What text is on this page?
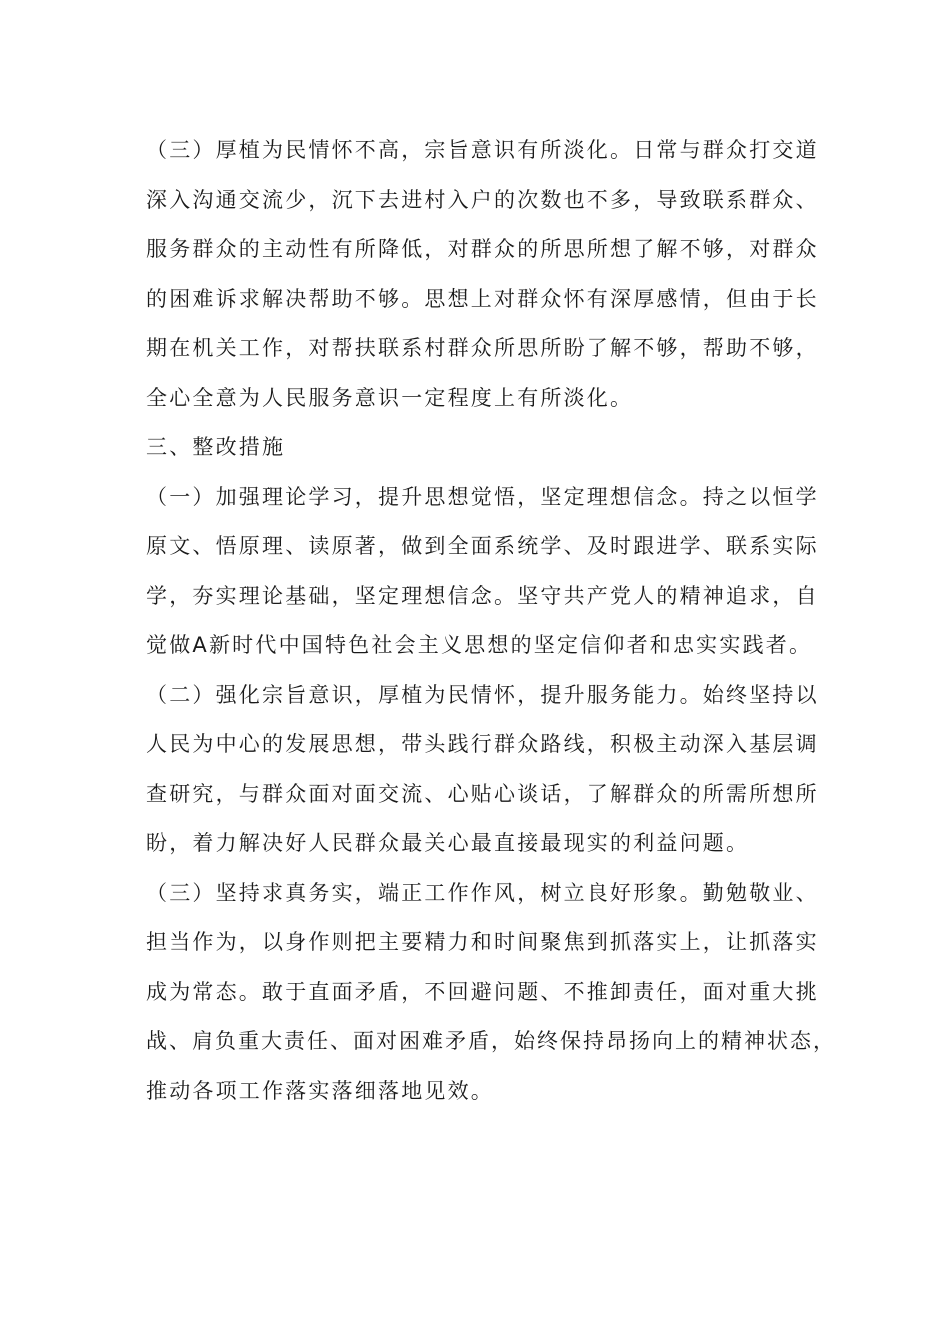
（三）厚植为民情怀不高，宗旨意识有所淡化。日常与群众打交道
深入沟通交流少，沉下去进村入户的次数也不多，导致联系群众、
服务群众的主动性有所降低，对群众的所思所想了解不够，对群众
的困难诉求解决帮助不够。思想上对群众怀有深厚感情，但由于长
期在机关工作，对帮扶联系村群众所思所盼了解不够，帮助不够，
全心全意为人民服务意识一定程度上有所淡化。
三、整改措施
（一）加强理论学习，提升思想觉悟，坚定理想信念。持之以恒学
原文、悟原理、读原著，做到全面系统学、及时跟进学、联系实际
学，夯实理论基础，坚定理想信念。坚守共产党人的精神追求，自
觉做A新时代中国特色社会主义思想的坚定信仰者和忠实实践者。
（二）强化宗旨意识，厚植为民情怀，提升服务能力。始终坚持以
人民为中心的发展思想，带头践行群众路线，积极主动深入基层调
查研究，与群众面对面交流、心贴心谈话，了解群众的所需所想所
盼，着力解决好人民群众最关心最直接最现实的利益问题。
（三）坚持求真务实，端正工作作风，树立良好形象。勤勉敬业、
担当作为，以身作则把主要精力和时间聚焦到抓落实上，让抓落实
成为常态。敢于直面矛盾，不回避问题、不推卸责任，面对重大挑
战、肩负重大责任、面对困难矛盾，始终保持昂扬向上的精神状态，
推动各项工作落实落细落地见效。
